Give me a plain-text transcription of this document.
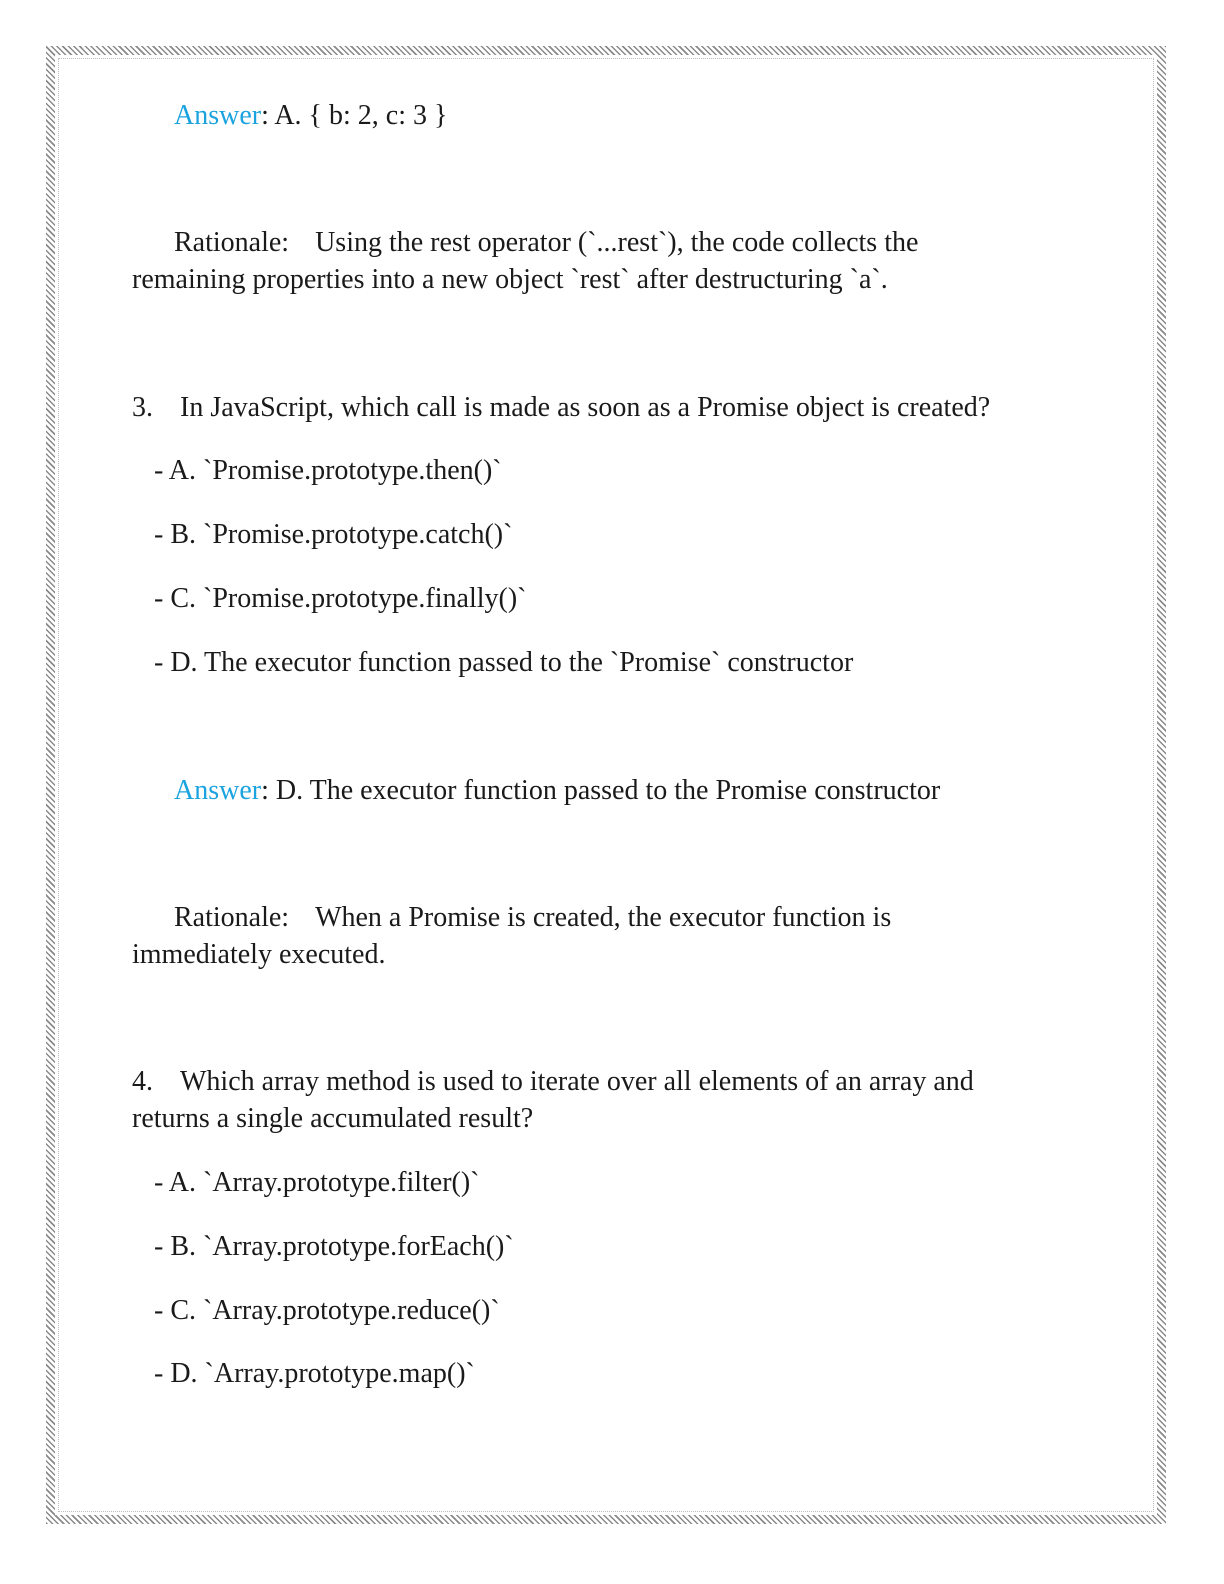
Answer: A. { b: 2, c: 3 }

Rationale: Using the rest operator (`...rest`), the code collects the

remaining properties into a new object `rest` after destructuring `a`.

3. In JavaScript, which call is made as soon as a Promise object is created?

- A. `Promise.prototype.then()`

- B. `Promise.prototype.catch()`

- C. `Promise.prototype.finally()`

- D. The executor function passed to the `Promise` constructor

Answer: D. The executor function passed to the Promise constructor

Rationale: When a Promise is created, the executor function is

immediately executed.

4. Which array method is used to iterate over all elements of an array and

returns a single accumulated result?

- A. `Array.prototype.filter()`

- B. `Array.prototype.forEach()`

- C. `Array.prototype.reduce()`

- D. `Array.prototype.map()`
